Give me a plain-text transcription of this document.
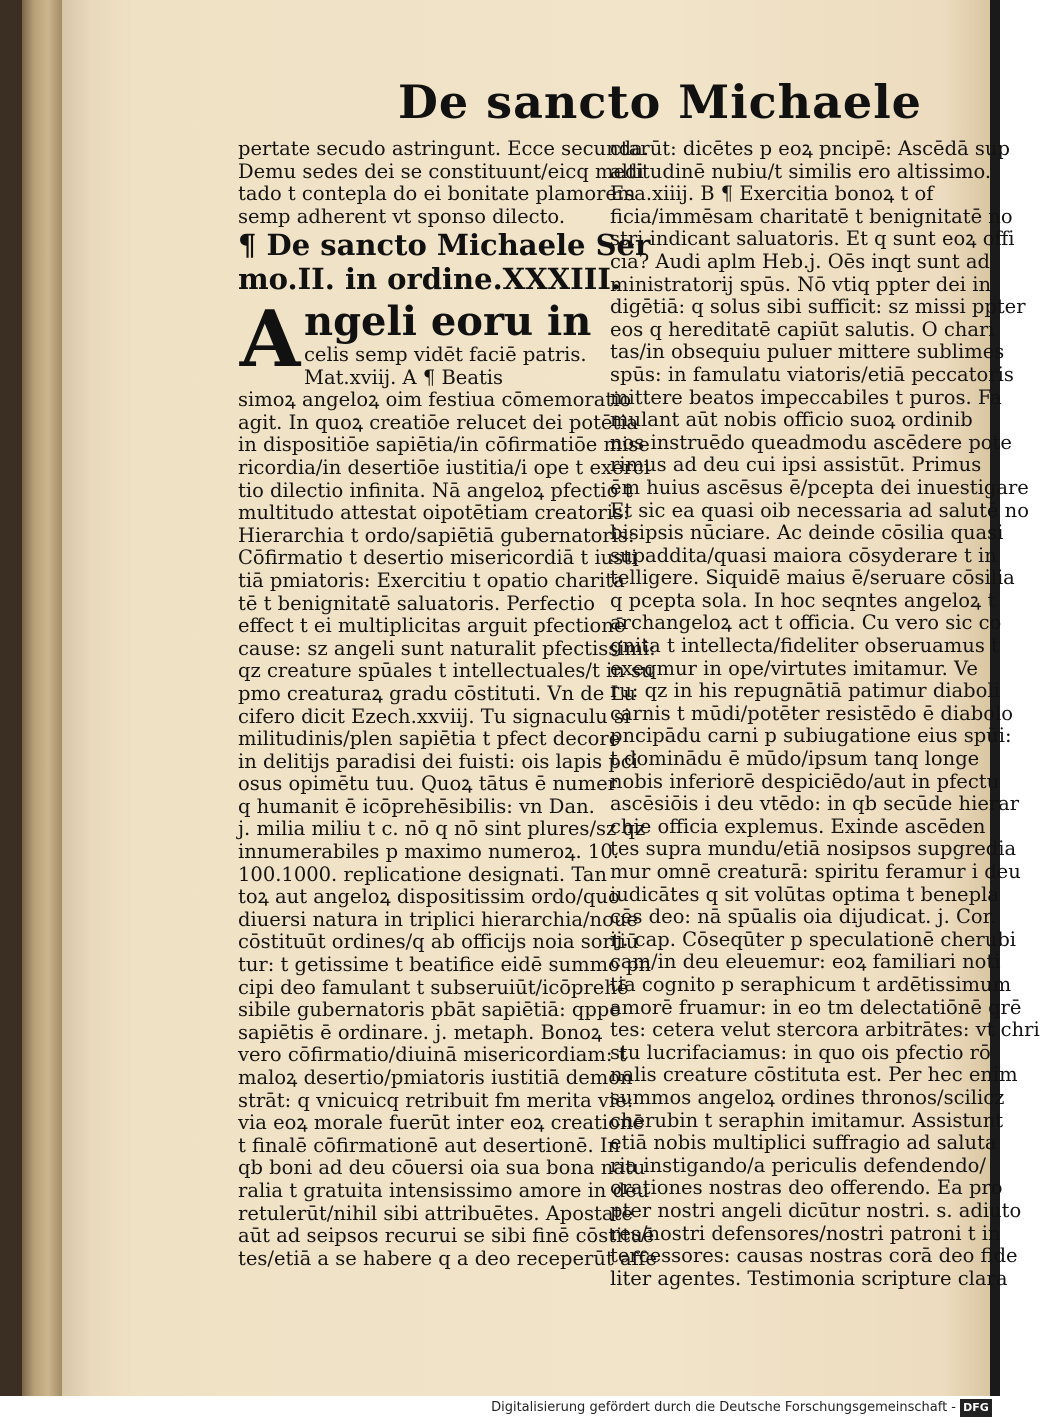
De sancto Michaele
pertate secudo astringunt. Ecce secunda.
Demu sedes dei se constituunt/eicq medi
tado t contepla do ei bonitate plamorem
semp adherent vt sponso dilecto.
¶ De sancto Michaele Ser
mo.II. in ordine.XXXIII.
A ngeli eoru in
celis semp vidēt faciē patris.
Mat.xviij. A ¶ Beatis
simoꝝ angeloꝝ oim festiua cōmemoratio
agit. In quoꝝ creatiōe relucet dei potētia
in dispositiōe sapiētia/in cōfirmatiōe mise
ricordia/in desertiōe iustitia/i ope t exerci
tio dilectio infinita. Nā angeloꝝ pfectio t
multitudo attestat oipotētiam creatoris:
Hierarchia t ordo/sapiētiā gubernatoris:
Cōfirmatio t desertio misericordiā t iusti
tiā pmiatoris: Exercitiu t opatio charita
tē t benignitatē saluatoris. Perfectio
effect t ei multiplicitas arguit pfectionē
cause: sz angeli sunt naturalit pfectissimi:
qz creature spūales t intellectuales/t in su
pmo creaturaꝝ gradu cōstituti. Vn de Lu
cifero dicit Ezech.xxviij. Tu signaculu si
militudinis/plen sapiētia t pfect decore
in delitijs paradisi dei fuisti: ois lapis pci
osus opimētu tuu. Quoꝝ tātus ē numer
q humanit ē icōprehēsibilis: vn Dan.
j. milia miliu t c. nō q nō sint plures/sz qz
innumerabiles p maximo numeroꝝ. 10.
100.1000. replicatione designati. Tan
toꝝ aut angeloꝝ dispositissim ordo/quo
diuersi natura in triplici hierarchia/noue
cōstituūt ordines/q ab officijs noia sortiū
tur: t getissime t beatifice eidē summo pn
cipi deo famulant t subseruiūt/icōprehē
sibile gubernatoris pbāt sapiētiā: qppe
sapiētis ē ordinare. j. metaph. Bonoꝝ
vero cōfirmatio/diuinā misericordiam: t
maloꝝ desertio/pmiatoris iustitiā demon
strāt: q vnicuicq retribuit fm merita vie:
via eoꝝ morale fuerūt inter eoꝝ creationē
t finalē cōfirmationē aut desertionē. In
qb boni ad deu cōuersi oia sua bona natu
ralia t gratuita intensissimo amore in deu
retulerūt/nihil sibi attribuētes. Apostate
aūt ad seipsos recurui se sibi finē cōstituē
tes/etiā a se habere q a deo receperūt affe
ctarūt: dicētes p eoꝝ pncipē: Ascēdā sup
altitudinē nubiu/t similis ero altissimo.
Esa.xiiij. B ¶ Exercitia bonoꝝ t of
ficia/immēsam charitatē t benignitatē no
stri indicant saluatoris. Et q sunt eoꝝ offi
cia? Audi aplm Heb.j. Oēs inqt sunt ad
ministratorij spūs. Nō vtiq ppter dei in
digētiā: q solus sibi sufficit: sz missi ppter
eos q hereditatē capiūt salutis. O chari
tas/in obsequiu puluer mittere sublimes
spūs: in famulatu viatoris/etiā peccatoris
mittere beatos impeccabiles t puros. Fa
mulant aūt nobis officio suoꝝ ordinib
nos instruēdo queadmodu ascēdere pote
rimus ad deu cui ipsi assistūt. Primus
ēm huius ascēsus ē/pcepta dei inuestigare
Et sic ea quasi oib necessaria ad salutē no
bisipsis nūciare. Ac deinde cōsilia quasi
supaddita/quasi maiora cōsyderare t in
telligere. Siquidē maius ē/seruare cōsilia
q pcepta sola. In hoc seqntes angeloꝝ t
archangeloꝝ act t officia. Cu vero sic co
gnita t intellecta/fideliter obseruamus t
exeqmur in ope/virtutes imitamur. Ve
ru: qz in his repugnātiā patimur diaboli
carnis t mūdi/potēter resistēdo ē diabolo
pncipādu carni p subiugatione eius spūi:
t dominādu ē mūdo/ipsum tanq longe
nobis inferiorē despiciēdo/aut in pfectu
ascēsiōis i deu vtēdo: in qb secūde hierar
chie officia explemus. Exinde ascēden
tes supra mundu/etiā nosipsos supgredia
mur omnē creaturā: spiritu feramur i deu
iudicātes q sit volūtas optima t benepla
cēs deo: nā spūalis oia dijudicat. j. Cor.
ij. cap. Cōseqūter p speculationē cherubi
cam/in deu eleuemur: eoꝝ familiari noti
tia cognito p seraphicum t ardētissimum
amorē fruamur: in eo tm delectatiōnē qrē
tes: cetera velut stercora arbitrātes: vt chri
stu lucrifaciamus: in quo ois pfectio rō
nalis creature cōstituta est. Per hec enim
summos angeloꝝ ordines thronos/scilicz
cherubin t seraphin imitamur. Assistunt
etiā nobis multiplici suffragio ad saluta
ria instigando/a periculis defendendo/
orationes nostras deo offerendo. Ea pro
pter nostri angeli dicūtur nostri. s. adiuto
res/nostri defensores/nostri patroni t in
tercessores: causas nostras corā deo fide
liter agentes. Testimonia scripture clara
Digitalisierung gefördert durch die Deutsche Forschungsgemeinschaft - DFG
